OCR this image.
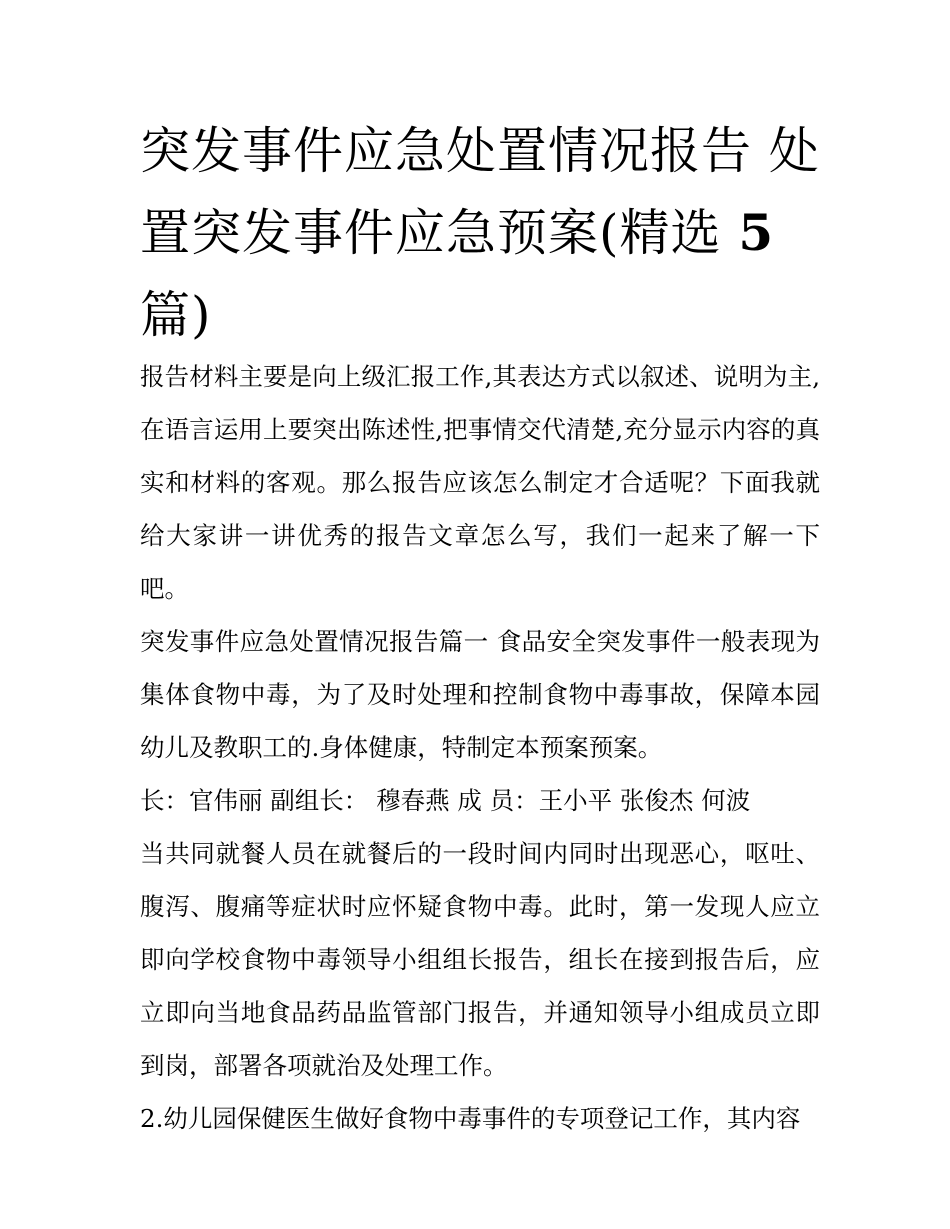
突发事件应急处置情况报告 处置突发事件应急预案(精选 5 篇)

报告材料主要是向上级汇报工作,其表达方式以叙述、说明为主,在语言运用上要突出陈述性,把事情交代清楚,充分显示内容的真实和材料的客观。那么报告应该怎么制定才合适呢？下面我就给大家讲一讲优秀的报告文章怎么写，我们一起来了解一下吧。

突发事件应急处置情况报告篇一 食品安全突发事件一般表现为集体食物中毒，为了及时处理和控制食物中毒事故，保障本园幼儿及教职工的.身体健康，特制定本预案预案。

长：官伟丽 副组长： 穆春燕 成 员：王小平 张俊杰 何波

当共同就餐人员在就餐后的一段时间内同时出现恶心，呕吐、腹泻、腹痛等症状时应怀疑食物中毒。此时，第一发现人应立即向学校食物中毒领导小组组长报告，组长在接到报告后，应立即向当地食品药品监管部门报告，并通知领导小组成员立即到岗，部署各项就治及处理工作。

2.幼儿园保健医生做好食物中毒事件的专项登记工作，其内容
